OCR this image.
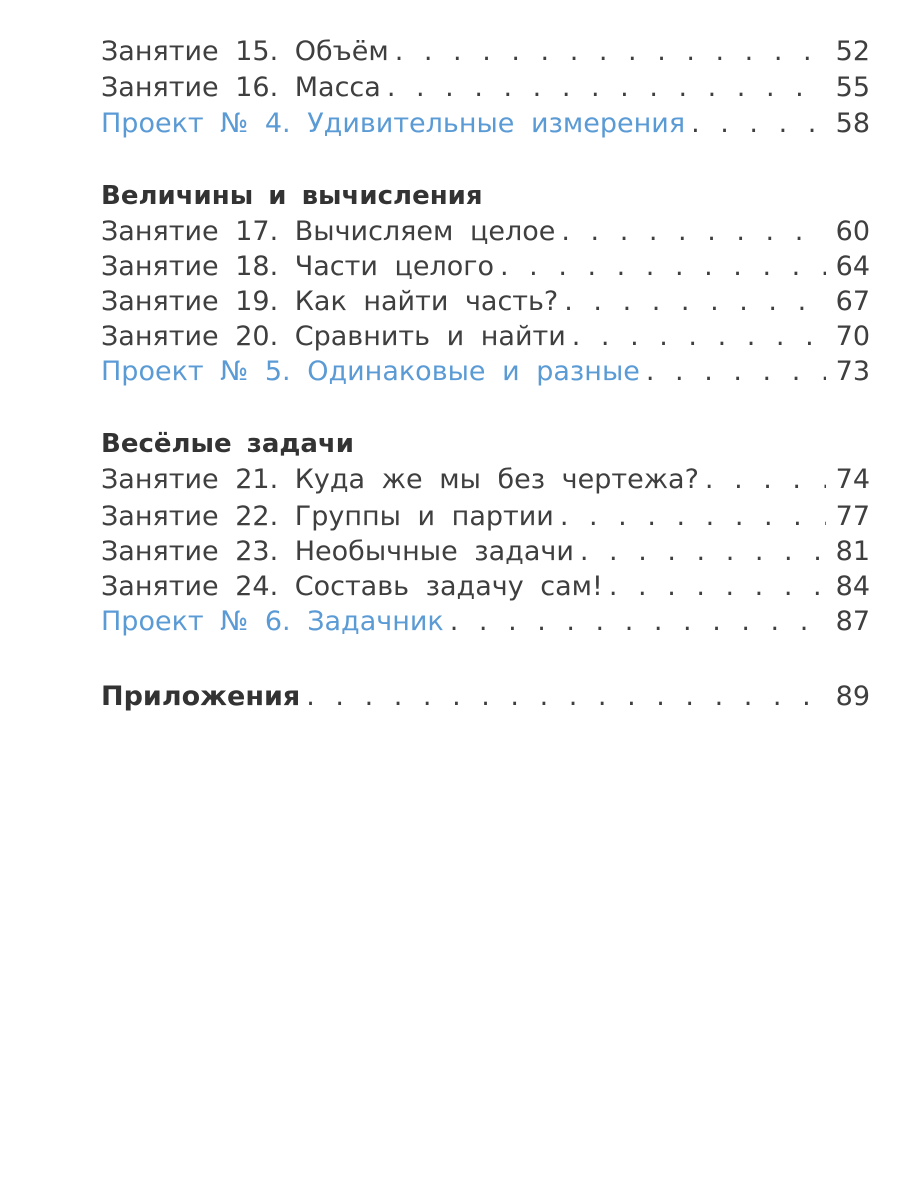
Занятие 15. Объём . . .	52
Занятие 16. Масса . . .	55
Проект № 4. Удивительные измерения . . .	58
Величины и вычисления
Занятие 17. Вычисляем целое . . .	60
Занятие 18. Части целого . . .	64
Занятие 19. Как найти часть? . . .	67
Занятие 20. Сравнить и найти . . .	70
Проект № 5. Одинаковые и разные . . .	73
Весёлые задачи
Занятие 21. Куда же мы без чертежа? . . .	74
Занятие 22. Группы и партии . . .	77
Занятие 23. Необычные задачи . . .	81
Занятие 24. Составь задачу сам! . . .	84
Проект № 6. Задачник . . .	87
Приложения . . .	89
